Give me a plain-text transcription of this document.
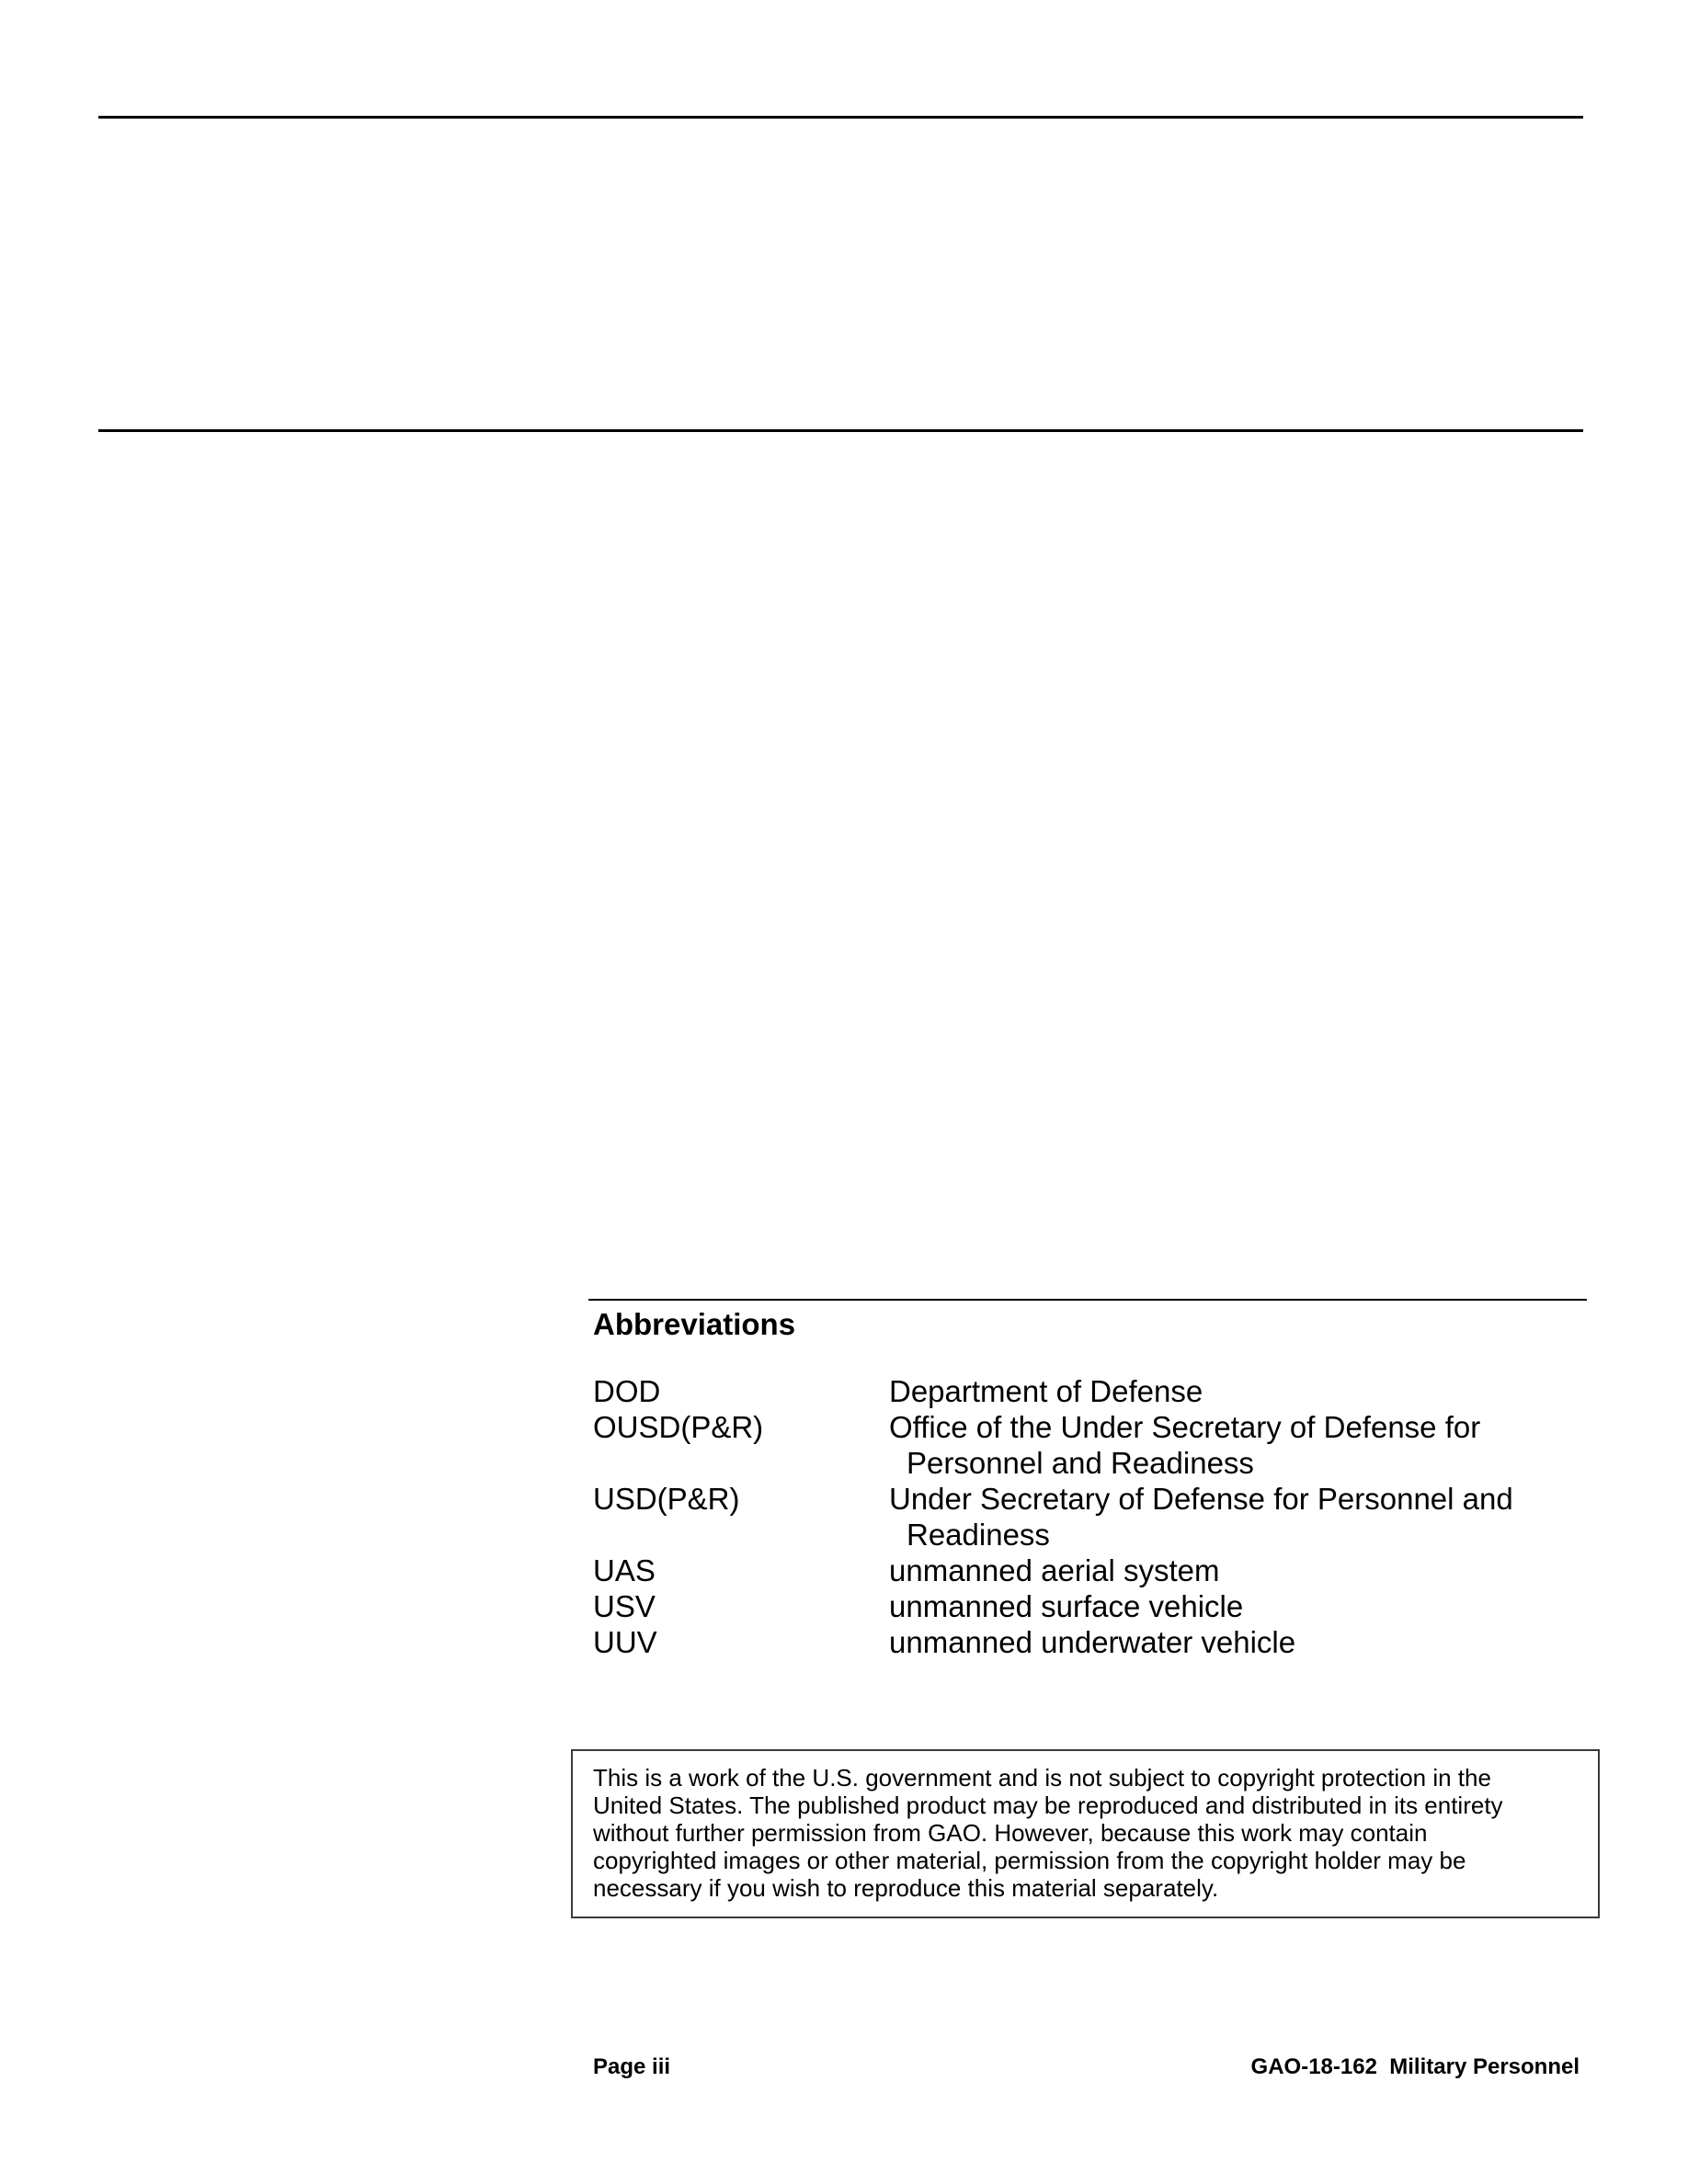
Abbreviations
DOD	Department of Defense
OUSD(P&R)	Office of the Under Secretary of Defense for
Personnel and Readiness
USD(P&R)	Under Secretary of Defense for Personnel and
Readiness
UAS	unmanned aerial system
USV	unmanned surface vehicle
UUV	unmanned underwater vehicle

This is a work of the U.S. government and is not subject to copyright protection in the
United States. The published product may be reproduced and distributed in its entirety
without further permission from GAO. However, because this work may contain
copyrighted images or other material, permission from the copyright holder may be
necessary if you wish to reproduce this material separately.

Page iii	GAO-18-162 Military Personnel
